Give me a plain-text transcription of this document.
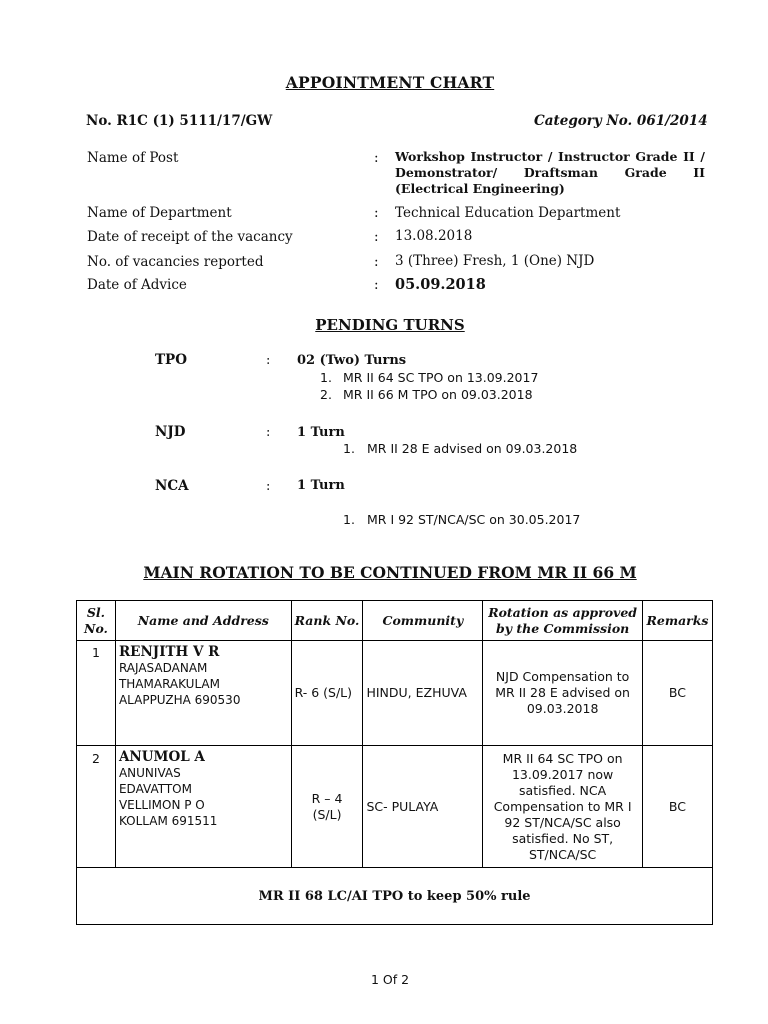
APPOINTMENT CHART
No. R1C (1) 5111/17/GW	Category No. 061/2014
Name of Post	: Workshop Instructor / Instructor Grade II / Demonstrator/ Draftsman Grade II (Electrical Engineering)
Name of Department	: Technical Education Department
Date of receipt of the vacancy	: 13.08.2018
No. of vacancies reported	: 3 (Three) Fresh, 1 (One) NJD
Date of Advice	: 05.09.2018
PENDING TURNS
TPO	: 02 (Two) Turns
1. MR II 64 SC TPO on 13.09.2017
2. MR II 66 M TPO on 09.03.2018
NJD	: 1 Turn
1. MR II 28 E advised on 09.03.2018
NCA	: 1 Turn
1. MR I 92 ST/NCA/SC on 30.05.2017
MAIN ROTATION TO BE CONTINUED FROM MR II 66 M
Sl. No.	Name and Address	Rank No.	Community	Rotation as approved by the Commission	Remarks
1	RENJITH V R
RAJASADANAM
THAMARAKULAM
ALAPPUZHA 690530	R- 6 (S/L)	HINDU, EZHUVA	NJD Compensation to MR II 28 E advised on 09.03.2018	BC
2	ANUMOL A
ANUNIVAS
EDAVATTOM
VELLIMON P O
KOLLAM 691511	R – 4 (S/L)	SC- PULAYA	MR II 64 SC TPO on 13.09.2017 now satisfied. NCA Compensation to MR I 92 ST/NCA/SC also satisfied. No ST, ST/NCA/SC	BC
MR II 68 LC/AI TPO to keep 50% rule					
1 Of 2
